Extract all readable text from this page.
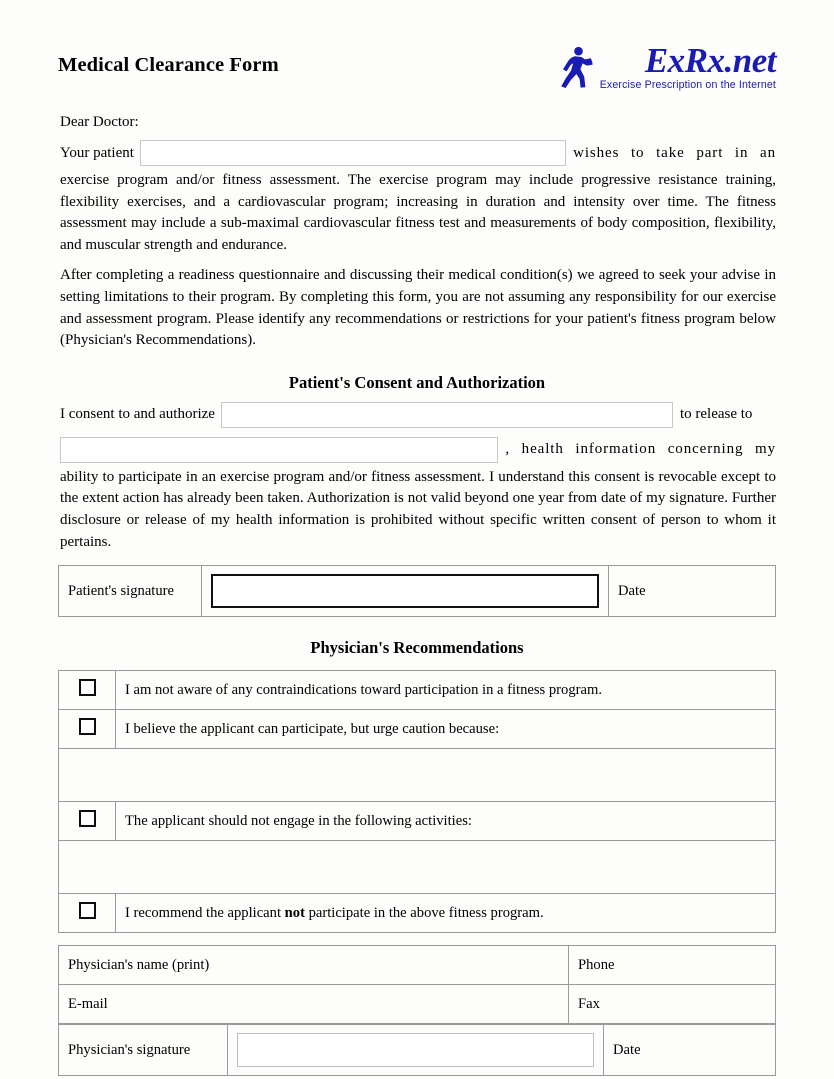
Medical Clearance Form	ExRx.net
Exercise Prescription on the Internet
Dear Doctor:
Your patient	wishes to take part in an

exercise program and/or fitness assessment. The exercise program may include progressive resistance training, flexibility exercises, and a cardiovascular program; increasing in duration and intensity over time. The fitness assessment may include a sub-maximal cardiovascular fitness test and measurements of body composition, flexibility, and muscular strength and endurance.

After completing a readiness questionnaire and discussing their medical condition(s) we agreed to seek your advise in setting limitations to their program. By completing this form, you are not assuming any responsibility for our exercise and assessment program. Please identify any recommendations or restrictions for your patient's fitness program below (Physician's Recommendations).

Patient's Consent and Authorization
I consent to and authorize	to release to
, health information concerning my

ability to participate in an exercise program and/or fitness assessment. I understand this consent is revocable except to the extent action has already been taken. Authorization is not valid beyond one year from date of my signature. Further disclosure or release of my health information is prohibited without specific written consent of person to whom it pertains.

Patient's signature		Date
Physician's Recommendations
	I am not aware of any contraindications toward participation in a fitness program.
	I believe the applicant can participate, but urge caution because:

	The applicant should not engage in the following activities:

	I recommend the applicant not participate in the above fitness program.
Physician's name (print)	Phone
E-mail	Fax
Physician's signature		Date
